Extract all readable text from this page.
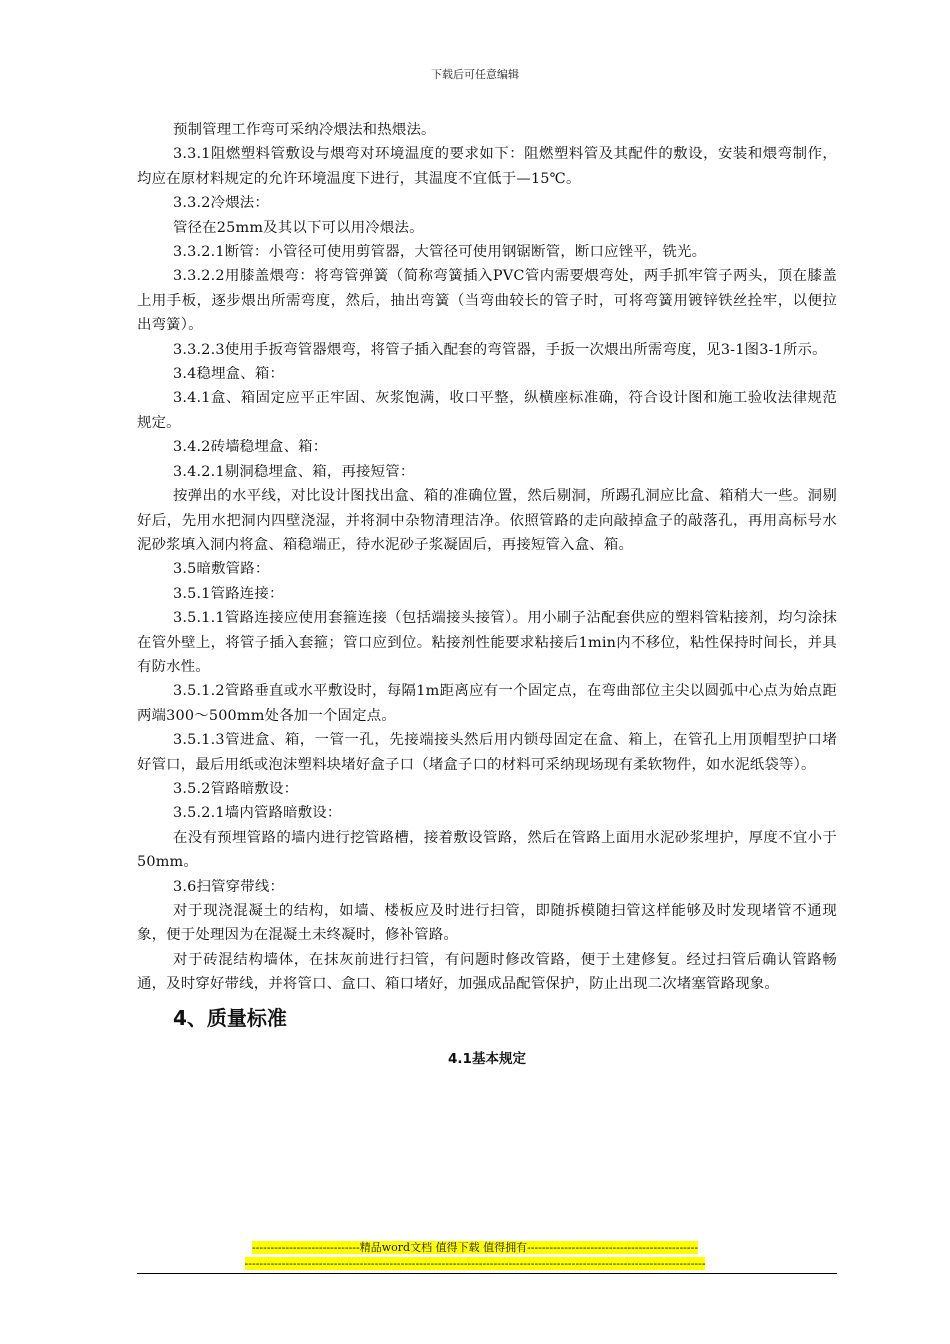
下载后可任意编辑

预制管理工作弯可采纳冷煨法和热煨法。

3.3.1阻燃塑料管敷设与煨弯对环境温度的要求如下：阻燃塑料管及其配件的敷设，安装和煨弯制作，均应在原材料规定的允许环境温度下进行，其温度不宜低于—15℃。

3.3.2冷煨法：

管径在25mm及其以下可以用冷煨法。

3.3.2.1断管：小管径可使用剪管器，大管径可使用钢锯断管，断口应锉平，铣光。

3.3.2.2用膝盖煨弯：将弯管弹簧（简称弯簧插入PVC管内需要煨弯处，两手抓牢管子两头，顶在膝盖上用手板，逐步煨出所需弯度，然后，抽出弯簧（当弯曲较长的管子时，可将弯簧用镀锌铁丝拴牢，以便拉出弯簧）。

3.3.2.3使用手扳弯管器煨弯，将管子插入配套的弯管器，手扳一次煨出所需弯度，见3-1图3-1所示。

3.4稳埋盒、箱：

3.4.1盒、箱固定应平正牢固、灰浆饱满，收口平整，纵横座标准确，符合设计图和施工验收法律规范规定。

3.4.2砖墙稳埋盒、箱：

3.4.2.1剔洞稳埋盒、箱，再接短管：

按弹出的水平线，对比设计图找出盒、箱的准确位置，然后剔洞，所踢孔洞应比盒、箱稍大一些。洞剔好后，先用水把洞内四壁浇湿，并将洞中杂物清理洁净。依照管路的走向敲掉盒子的敲落孔，再用高标号水泥砂浆填入洞内将盒、箱稳端正，待水泥砂子浆凝固后，再接短管入盒、箱。

3.5暗敷管路：

3.5.1管路连接：

3.5.1.1管路连接应使用套箍连接（包括端接头接管）。用小刷子沾配套供应的塑料管粘接剂，均匀涂抹在管外壁上，将管子插入套箍；管口应到位。粘接剂性能要求粘接后1min内不移位，粘性保持时间长，并具有防水性。

3.5.1.2管路垂直或水平敷设时，每隔1m距离应有一个固定点，在弯曲部位主尖以圆弧中心点为始点距两端300～500mm处各加一个固定点。

3.5.1.3管进盒、箱，一管一孔，先接端接头然后用内锁母固定在盒、箱上，在管孔上用顶帽型护口堵好管口，最后用纸或泡沫塑料块堵好盒子口（堵盒子口的材料可采纳现场现有柔软物件，如水泥纸袋等）。

3.5.2管路暗敷设：

3.5.2.1墙内管路暗敷设：

在没有预埋管路的墙内进行挖管路槽，接着敷设管路，然后在管路上面用水泥砂浆埋护，厚度不宜小于50mm。

3.6扫管穿带线：

对于现浇混凝土的结构，如墙、楼板应及时进行扫管，即随拆模随扫管这样能够及时发现堵管不通现象，便于处理因为在混凝土未终凝时，修补管路。

对于砖混结构墙体，在抹灰前进行扫管，有问题时修改管路，便于土建修复。经过扫管后确认管路畅通，及时穿好带线，并将管口、盒口、箱口堵好，加强成品配管保护，防止出现二次堵塞管路现象。

4、质量标准
4.1基本规定
-----------------------------精品word文档 值得下载 值得拥有----------------------------------------------
----------------------------------------------------------------------------------------------------------------------------
